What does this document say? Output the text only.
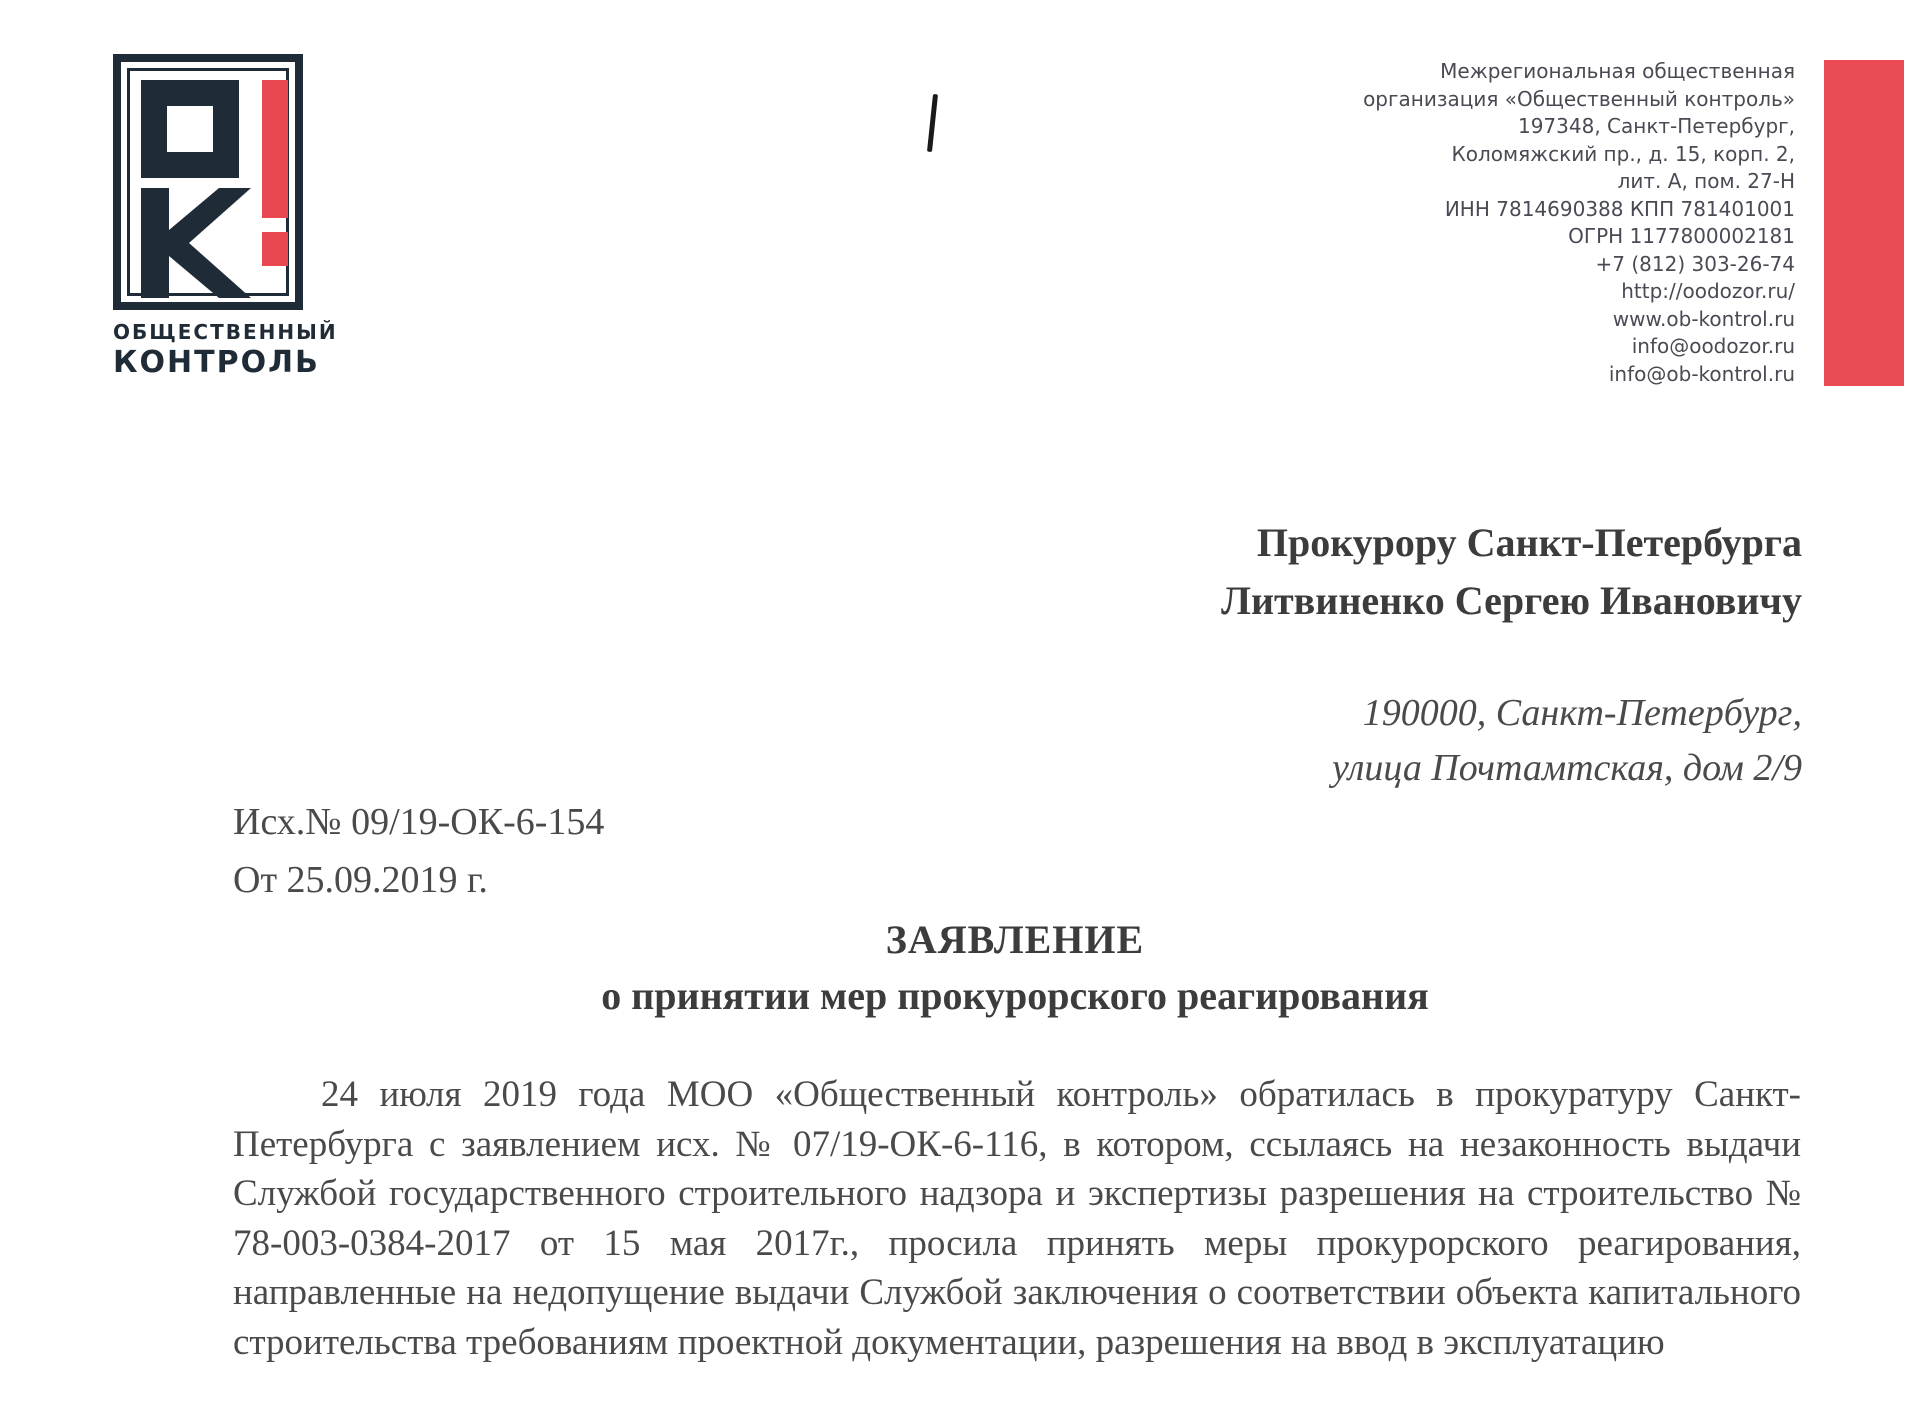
ОБЩЕСТВЕННЫЙ
КОНТРОЛЬ
Межрегиональная общественная
организация «Общественный контроль»
197348, Санкт-Петербург,
Коломяжский пр., д. 15, корп. 2,
лит. А, пом. 27-Н
ИНН 7814690388 КПП 781401001
ОГРН 1177800002181
+7 (812) 303-26-74
http://oodozor.ru/
www.ob-kontrol.ru
info@oodozor.ru
info@ob-kontrol.ru
Прокурору Санкт-Петербурга
Литвиненко Сергею Ивановичу
190000, Санкт-Петербург,
улица Почтамтская, дом 2/9
Исх.№ 09/19-ОК-6-154
От 25.09.2019 г.
ЗАЯВЛЕНИЕ
о принятии мер прокурорского реагирования

24 июля 2019 года МОО «Общественный контроль» обратилась в прокуратуру Санкт-Петербурга с заявлением исх. № 07/19-ОК-6-116, в котором, ссылаясь на незаконность выдачи Службой государственного строительного надзора и экспертизы разрешения на строительство № 78-003-0384-2017 от 15 мая 2017г., просила принять меры прокурорского реагирования, направленные на недопущение выдачи Службой заключения о соответствии объекта капитального строительства требованиям проектной документации, разрешения на ввод в эксплуатацию
